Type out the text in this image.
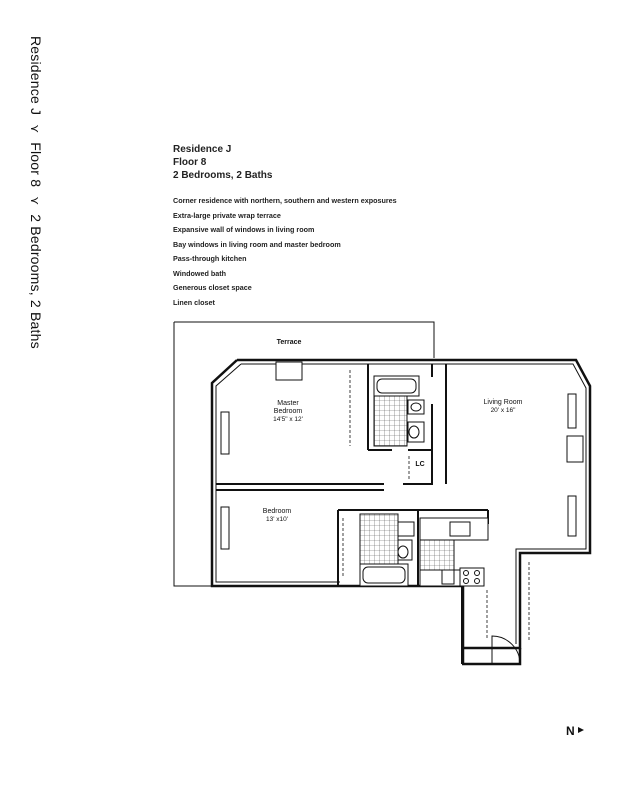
Residence J⋎Floor 8⋎2 Bedrooms, 2 Baths
Residence J
Floor 8
2 Bedrooms, 2 Baths
Corner residence with northern, southern and western exposures
Extra-large private wrap terrace
Expansive wall of windows in living room
Bay windows in living room and master bedroom
Pass-through kitchen
Windowed bath
Generous closet space
Linen closet
Terrace
Master
Bedroom
14'5" x 12'
Living Room
20' x 16"
Bedroom
13' x10'
LC
N
